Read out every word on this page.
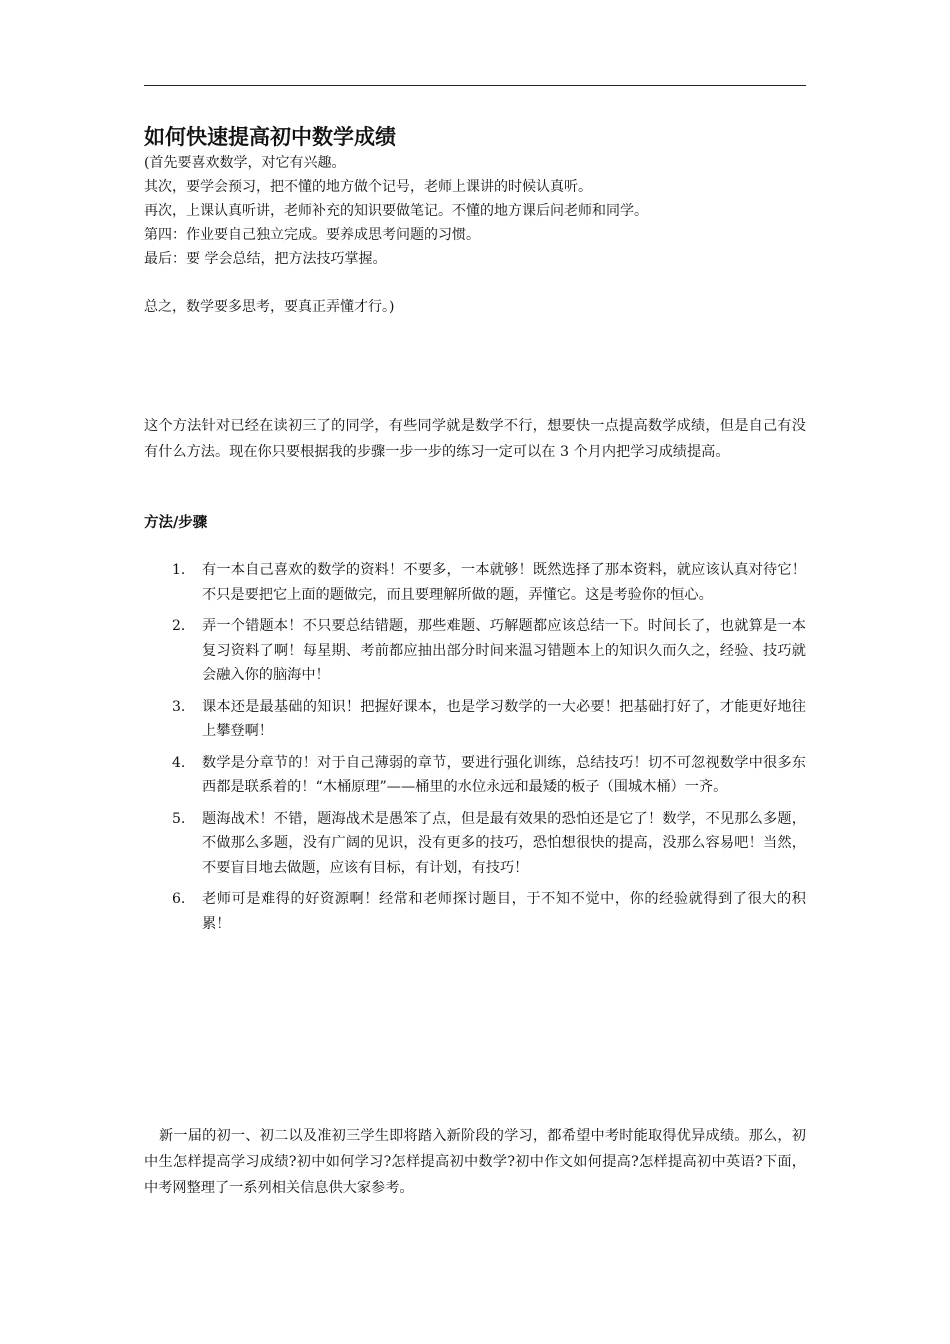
如何快速提高初中数学成绩

(首先要喜欢数学，对它有兴趣。

其次，要学会预习，把不懂的地方做个记号，老师上课讲的时候认真听。

再次，上课认真听讲，老师补充的知识要做笔记。不懂的地方课后问老师和同学。

第四：作业要自己独立完成。要养成思考问题的习惯。

最后：要 学会总结，把方法技巧掌握。

总之，数学要多思考，要真正弄懂才行。)

这个方法针对已经在读初三了的同学，有些同学就是数学不行，想要快一点提高数学成绩，但是自己有没有什么方法。现在你只要根据我的步骤一步一步的练习一定可以在 3 个月内把学习成绩提高。

方法/步骤
1.	有一本自己喜欢的数学的资料！不要多，一本就够！既然选择了那本资料，就应该认真对待它！不只是要把它上面的题做完，而且要理解所做的题，弄懂它。这是考验你的恒心。
2.	弄一个错题本！不只要总结错题，那些难题、巧解题都应该总结一下。时间长了，也就算是一本复习资料了啊！每星期、考前都应抽出部分时间来温习错题本上的知识久而久之，经验、技巧就会融入你的脑海中！
3.	课本还是最基础的知识！把握好课本，也是学习数学的一大必要！把基础打好了，才能更好地往上攀登啊！
4.	数学是分章节的！对于自己薄弱的章节，要进行强化训练，总结技巧！切不可忽视数学中很多东西都是联系着的！“木桶原理”——桶里的水位永远和最矮的板子（围城木桶）一齐。
5.	题海战术！不错，题海战术是愚笨了点，但是最有效果的恐怕还是它了！数学，不见那么多题，不做那么多题，没有广阔的见识，没有更多的技巧，恐怕想很快的提高，没那么容易吧！当然，不要盲目地去做题，应该有目标，有计划，有技巧！
6.	老师可是难得的好资源啊！经常和老师探讨题目，于不知不觉中，你的经验就得到了很大的积累！

新一届的初一、初二以及准初三学生即将踏入新阶段的学习，都希望中考时能取得优异成绩。那么，初中生怎样提高学习成绩?初中如何学习?怎样提高初中数学?初中作文如何提高?怎样提高初中英语?下面，中考网整理了一系列相关信息供大家参考。
